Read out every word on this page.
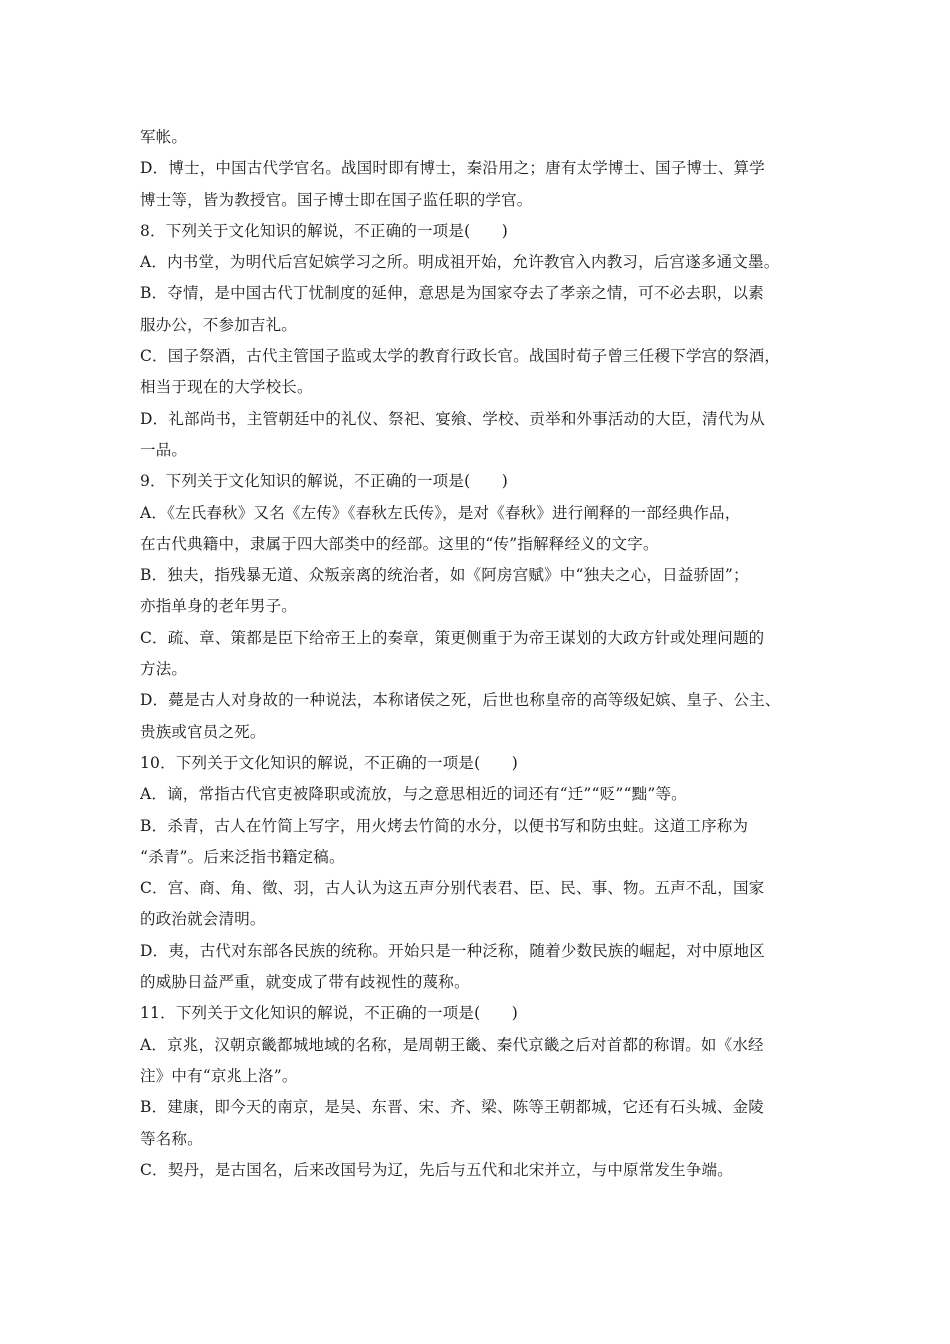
军帐。
D．博士，中国古代学官名。战国时即有博士，秦沿用之；唐有太学博士、国子博士、算学
博士等，皆为教授官。国子博士即在国子监任职的学官。
8．下列关于文化知识的解说，不正确的一项是(　　)
A．内书堂，为明代后宫妃嫔学习之所。明成祖开始，允许教官入内教习，后宫遂多通文墨。
B．夺情，是中国古代丁忧制度的延伸，意思是为国家夺去了孝亲之情，可不必去职，以素
服办公，不参加吉礼。
C．国子祭酒，古代主管国子监或太学的教育行政长官。战国时荀子曾三任稷下学宫的祭酒，
相当于现在的大学校长。
D．礼部尚书，主管朝廷中的礼仪、祭祀、宴飨、学校、贡举和外事活动的大臣，清代为从
一品。
9．下列关于文化知识的解说，不正确的一项是(　　)
A．《左氏春秋》又名《左传》《春秋左氏传》，是对《春秋》进行阐释的一部经典作品，
在古代典籍中，隶属于四大部类中的经部。这里的“传”指解释经义的文字。
B．独夫，指残暴无道、众叛亲离的统治者，如《阿房宫赋》中“独夫之心，日益骄固”；
亦指单身的老年男子。
C．疏、章、策都是臣下给帝王上的奏章，策更侧重于为帝王谋划的大政方针或处理问题的
方法。
D．薨是古人对身故的一种说法，本称诸侯之死，后世也称皇帝的高等级妃嫔、皇子、公主、
贵族或官员之死。
10．下列关于文化知识的解说，不正确的一项是(　　)
A．谪，常指古代官吏被降职或流放，与之意思相近的词还有“迁”“贬”“黜”等。
B．杀青，古人在竹简上写字，用火烤去竹简的水分，以便书写和防虫蛀。这道工序称为
“杀青”。后来泛指书籍定稿。
C．宫、商、角、徵、羽，古人认为这五声分别代表君、臣、民、事、物。五声不乱，国家
的政治就会清明。
D．夷，古代对东部各民族的统称。开始只是一种泛称，随着少数民族的崛起，对中原地区
的威胁日益严重，就变成了带有歧视性的蔑称。
11．下列关于文化知识的解说，不正确的一项是(　　)
A．京兆，汉朝京畿都城地域的名称，是周朝王畿、秦代京畿之后对首都的称谓。如《水经
注》中有“京兆上洛”。
B．建康，即今天的南京，是吴、东晋、宋、齐、梁、陈等王朝都城，它还有石头城、金陵
等名称。
C．契丹，是古国名，后来改国号为辽，先后与五代和北宋并立，与中原常发生争端。
